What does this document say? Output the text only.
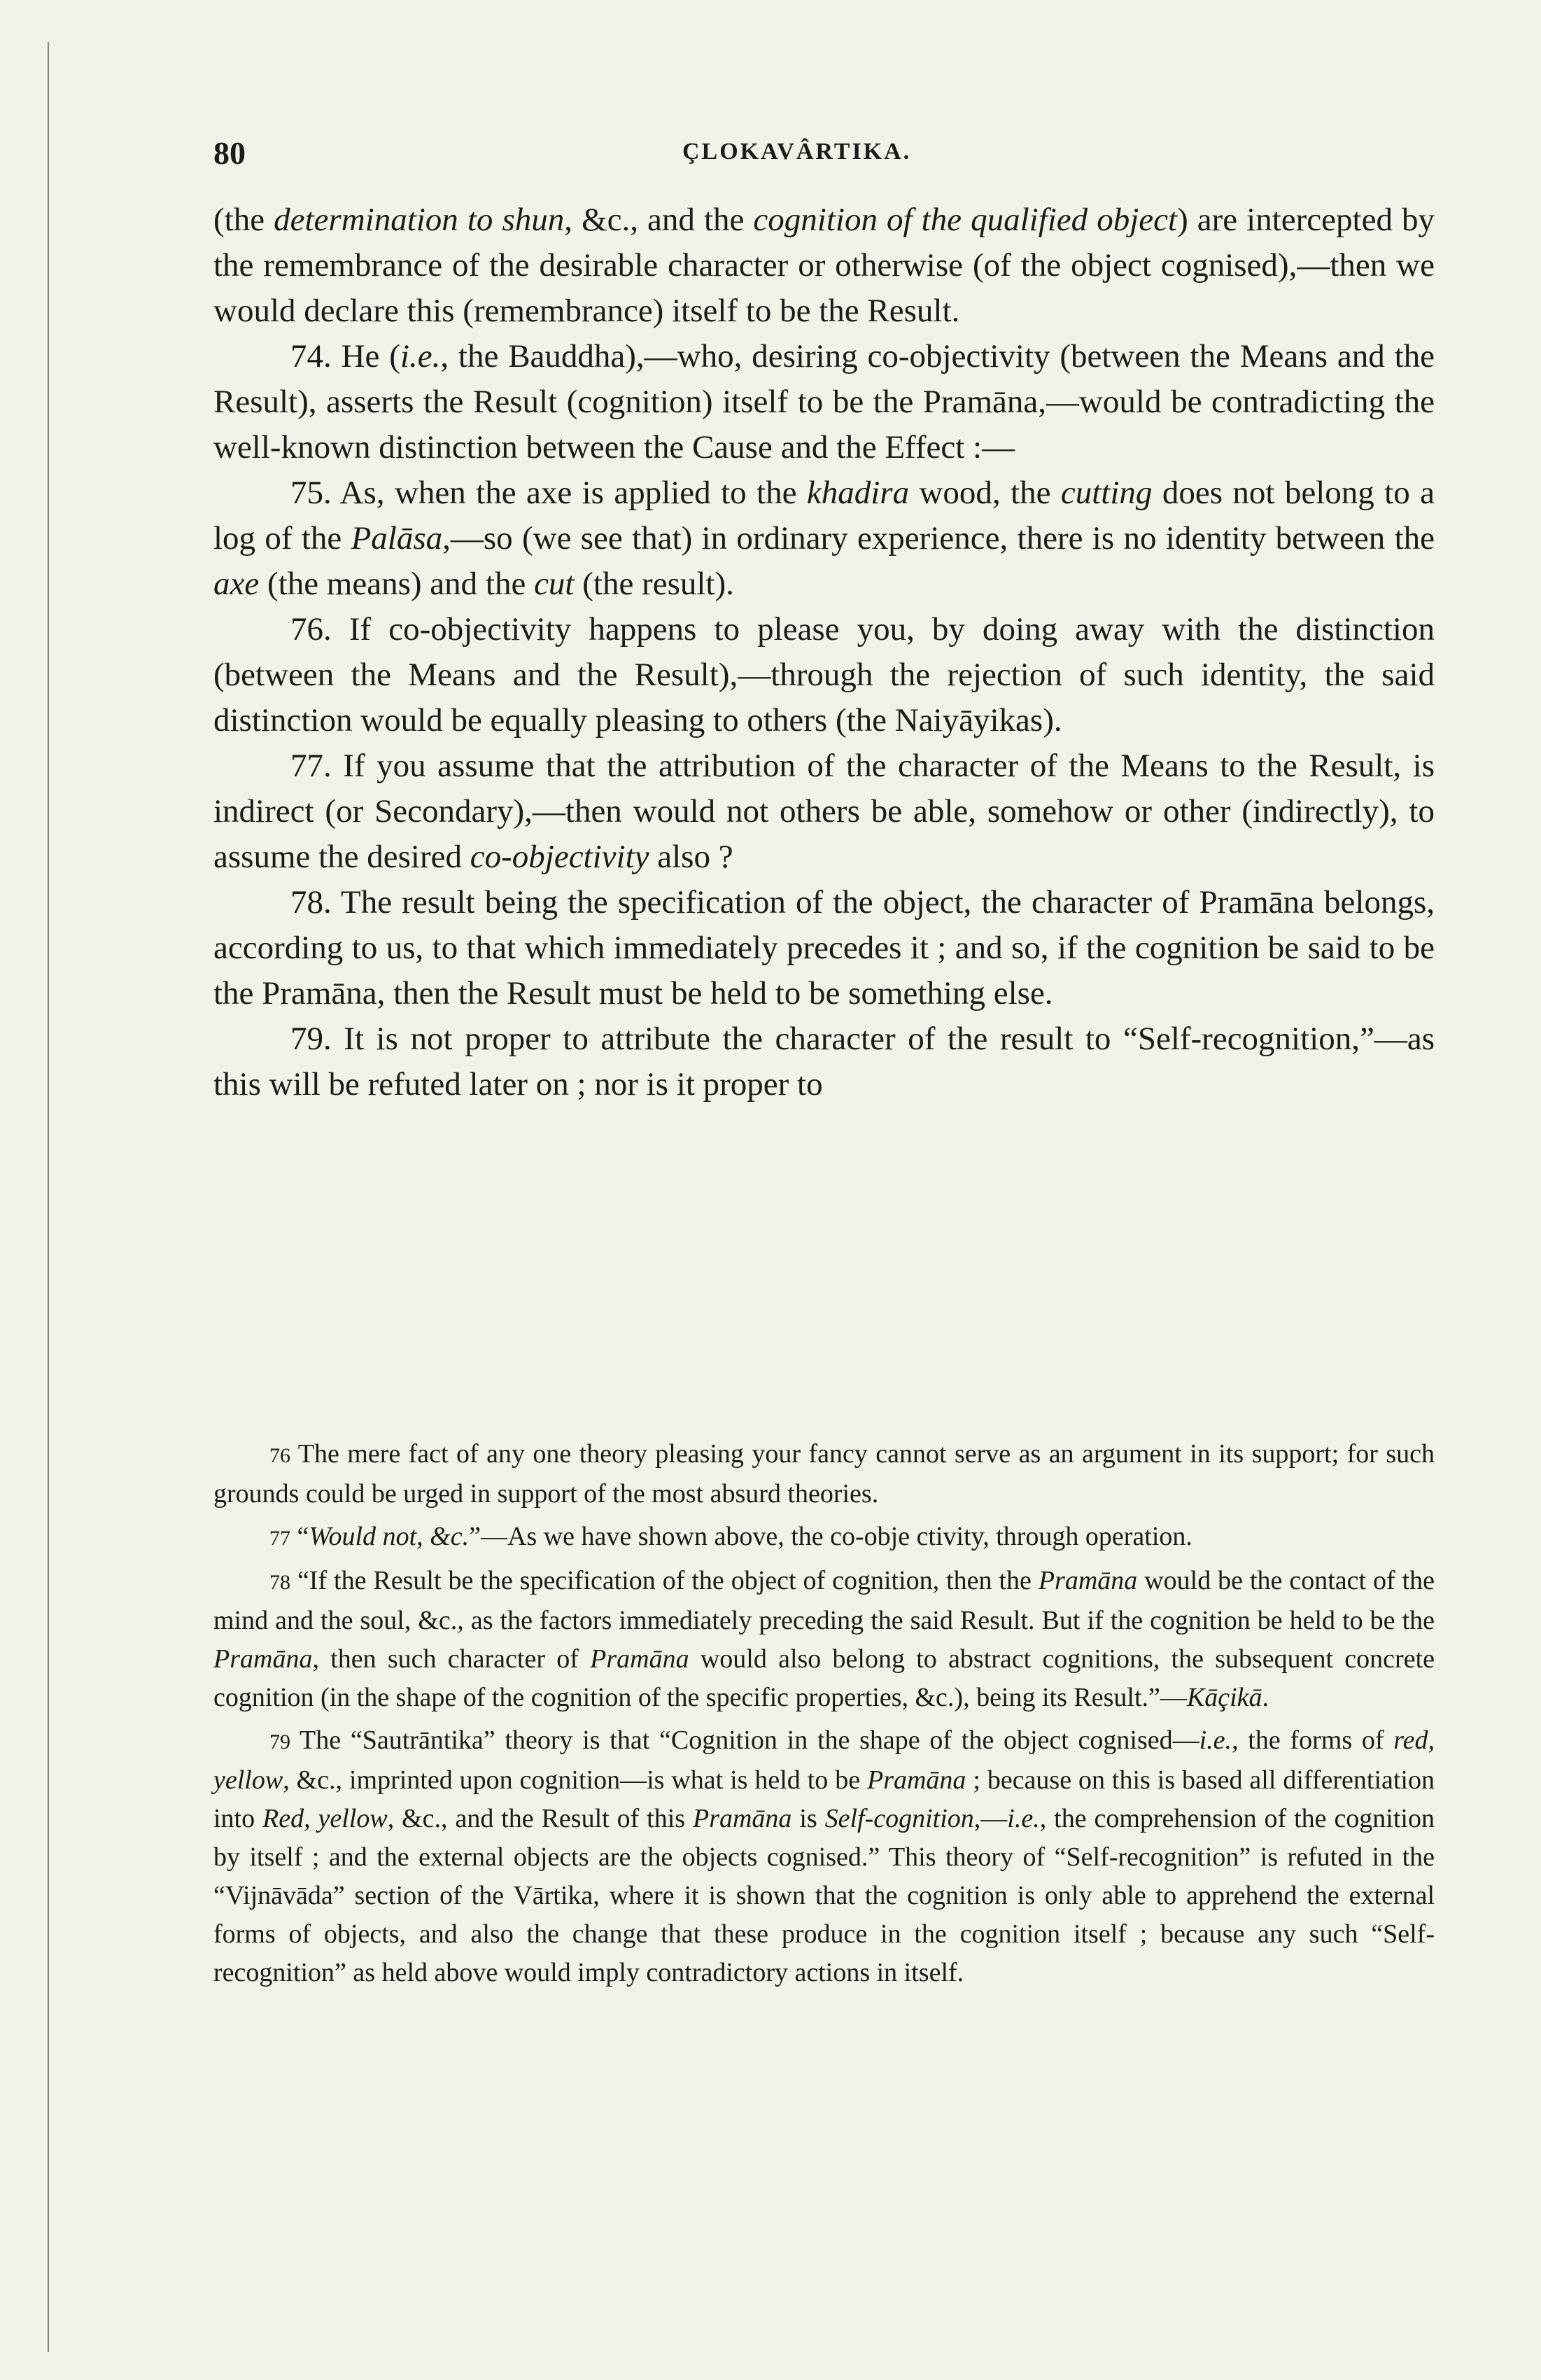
80	ÇLOKAVÂRTIKA.

(the determination to shun, &c., and the cognition of the qualified object) are intercepted by the remembrance of the desirable character or otherwise (of the object cognised),—then we would declare this (remembrance) itself to be the Result.

74. He (i.e., the Bauddha),—who, desiring co-objectivity (between the Means and the Result), asserts the Result (cognition) itself to be the Pramāna,—would be contradicting the well-known distinction between the Cause and the Effect :—

75. As, when the axe is applied to the khadira wood, the cutting does not belong to a log of the Palāsa,—so (we see that) in ordinary experience, there is no identity between the axe (the means) and the cut (the result).

76. If co-objectivity happens to please you, by doing away with the distinction (between the Means and the Result),—through the rejection of such identity, the said distinction would be equally pleasing to others (the Naiyāyikas).

77. If you assume that the attribution of the character of the Means to the Result, is indirect (or Secondary),—then would not others be able, somehow or other (indirectly), to assume the desired co-objectivity also ?

78. The result being the specification of the object, the character of Pramāna belongs, according to us, to that which immediately precedes it ; and so, if the cognition be said to be the Pramāna, then the Result must be held to be something else.

79. It is not proper to attribute the character of the result to “Self-recognition,”—as this will be refuted later on ; nor is it proper to

76 The mere fact of any one theory pleasing your fancy cannot serve as an argument in its support; for such grounds could be urged in support of the most absurd theories.

77 “Would not, &c.”—As we have shown above, the co-obje ctivity, through operation.

78 “If the Result be the specification of the object of cognition, then the Pramāna would be the contact of the mind and the soul, &c., as the factors immediately preceding the said Result. But if the cognition be held to be the Pramāna, then such character of Pramāna would also belong to abstract cognitions, the subsequent concrete cognition (in the shape of the cognition of the specific properties, &c.), being its Result.”—Kāçikā.

79 The “Sautrāntika” theory is that “Cognition in the shape of the object cognised—i.e., the forms of red, yellow, &c., imprinted upon cognition—is what is held to be Pramāna ; because on this is based all differentiation into Red, yellow, &c., and the Result of this Pramāna is Self-cognition,—i.e., the comprehension of the cognition by itself ; and the external objects are the objects cognised.” This theory of “Self-recognition” is refuted in the “Vijnāvāda” section of the Vārtika, where it is shown that the cognition is only able to apprehend the external forms of objects, and also the change that these produce in the cognition itself ; because any such “Self-recognition” as held above would imply contradictory actions in itself.
